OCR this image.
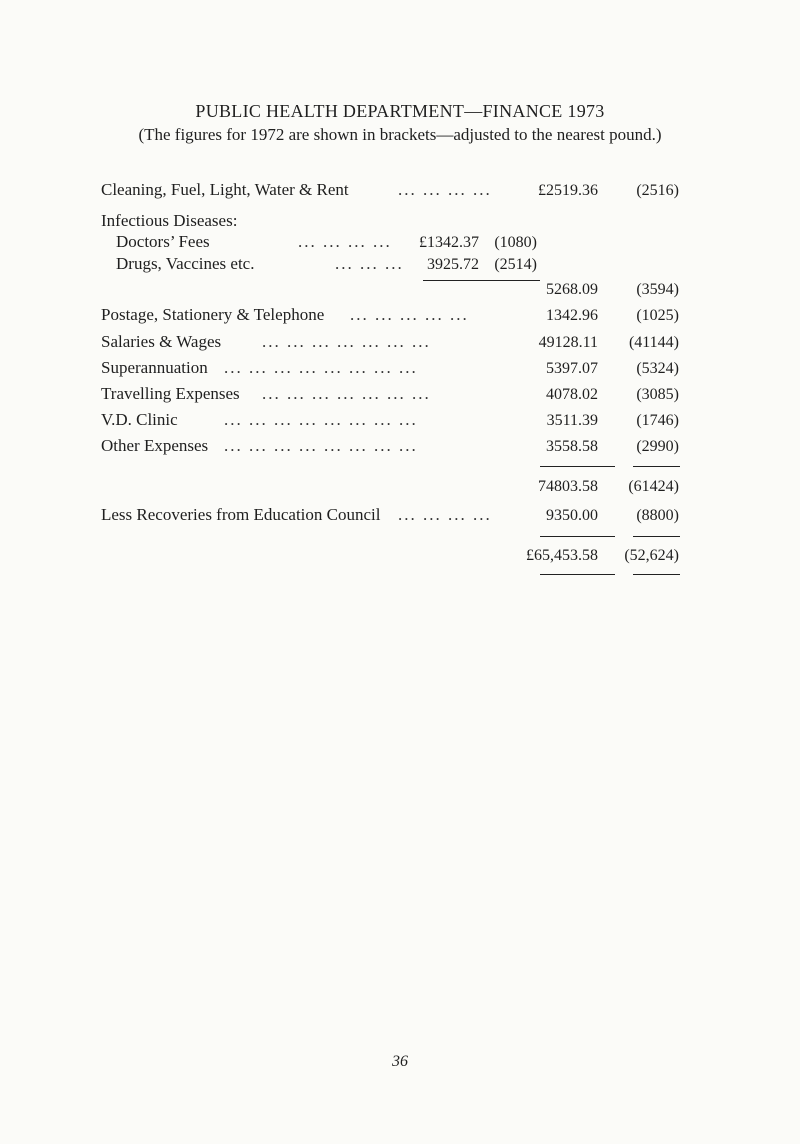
PUBLIC HEALTH DEPARTMENT—FINANCE 1973
(The figures for 1972 are shown in brackets—adjusted to the nearest pound.)
Cleaning, Fuel, Light, Water & Rent	... ... ... ...	£2519.36	(2516)
Infectious Diseases:
Doctors’ Fees	... ... ... ...	£1342.37 (1080)
Drugs, Vaccines etc.	... ... ...	3925.72 (2514)
5268.09	(3594)
Postage, Stationery & Telephone ... ... ... ... ...	1342.96	(1025)
Salaries & Wages ... ... ... ... ... ... ...	49128.11	(41144)
Superannuation ... ... ... ... ... ... ... ...	5397.07	(5324)
Travelling Expenses ... ... ... ... ... ... ...	4078.02	(3085)
V.D. Clinic	... ... ... ... ... ... ... ...	3511.39	(1746)
Other Expenses ... ... ... ... ... ... ... ...	3558.58	(2990)
74803.58	(61424)
Less Recoveries from Education Council ... ... ... ...	9350.00	(8800)
£65,453.58	(52,624)
36
